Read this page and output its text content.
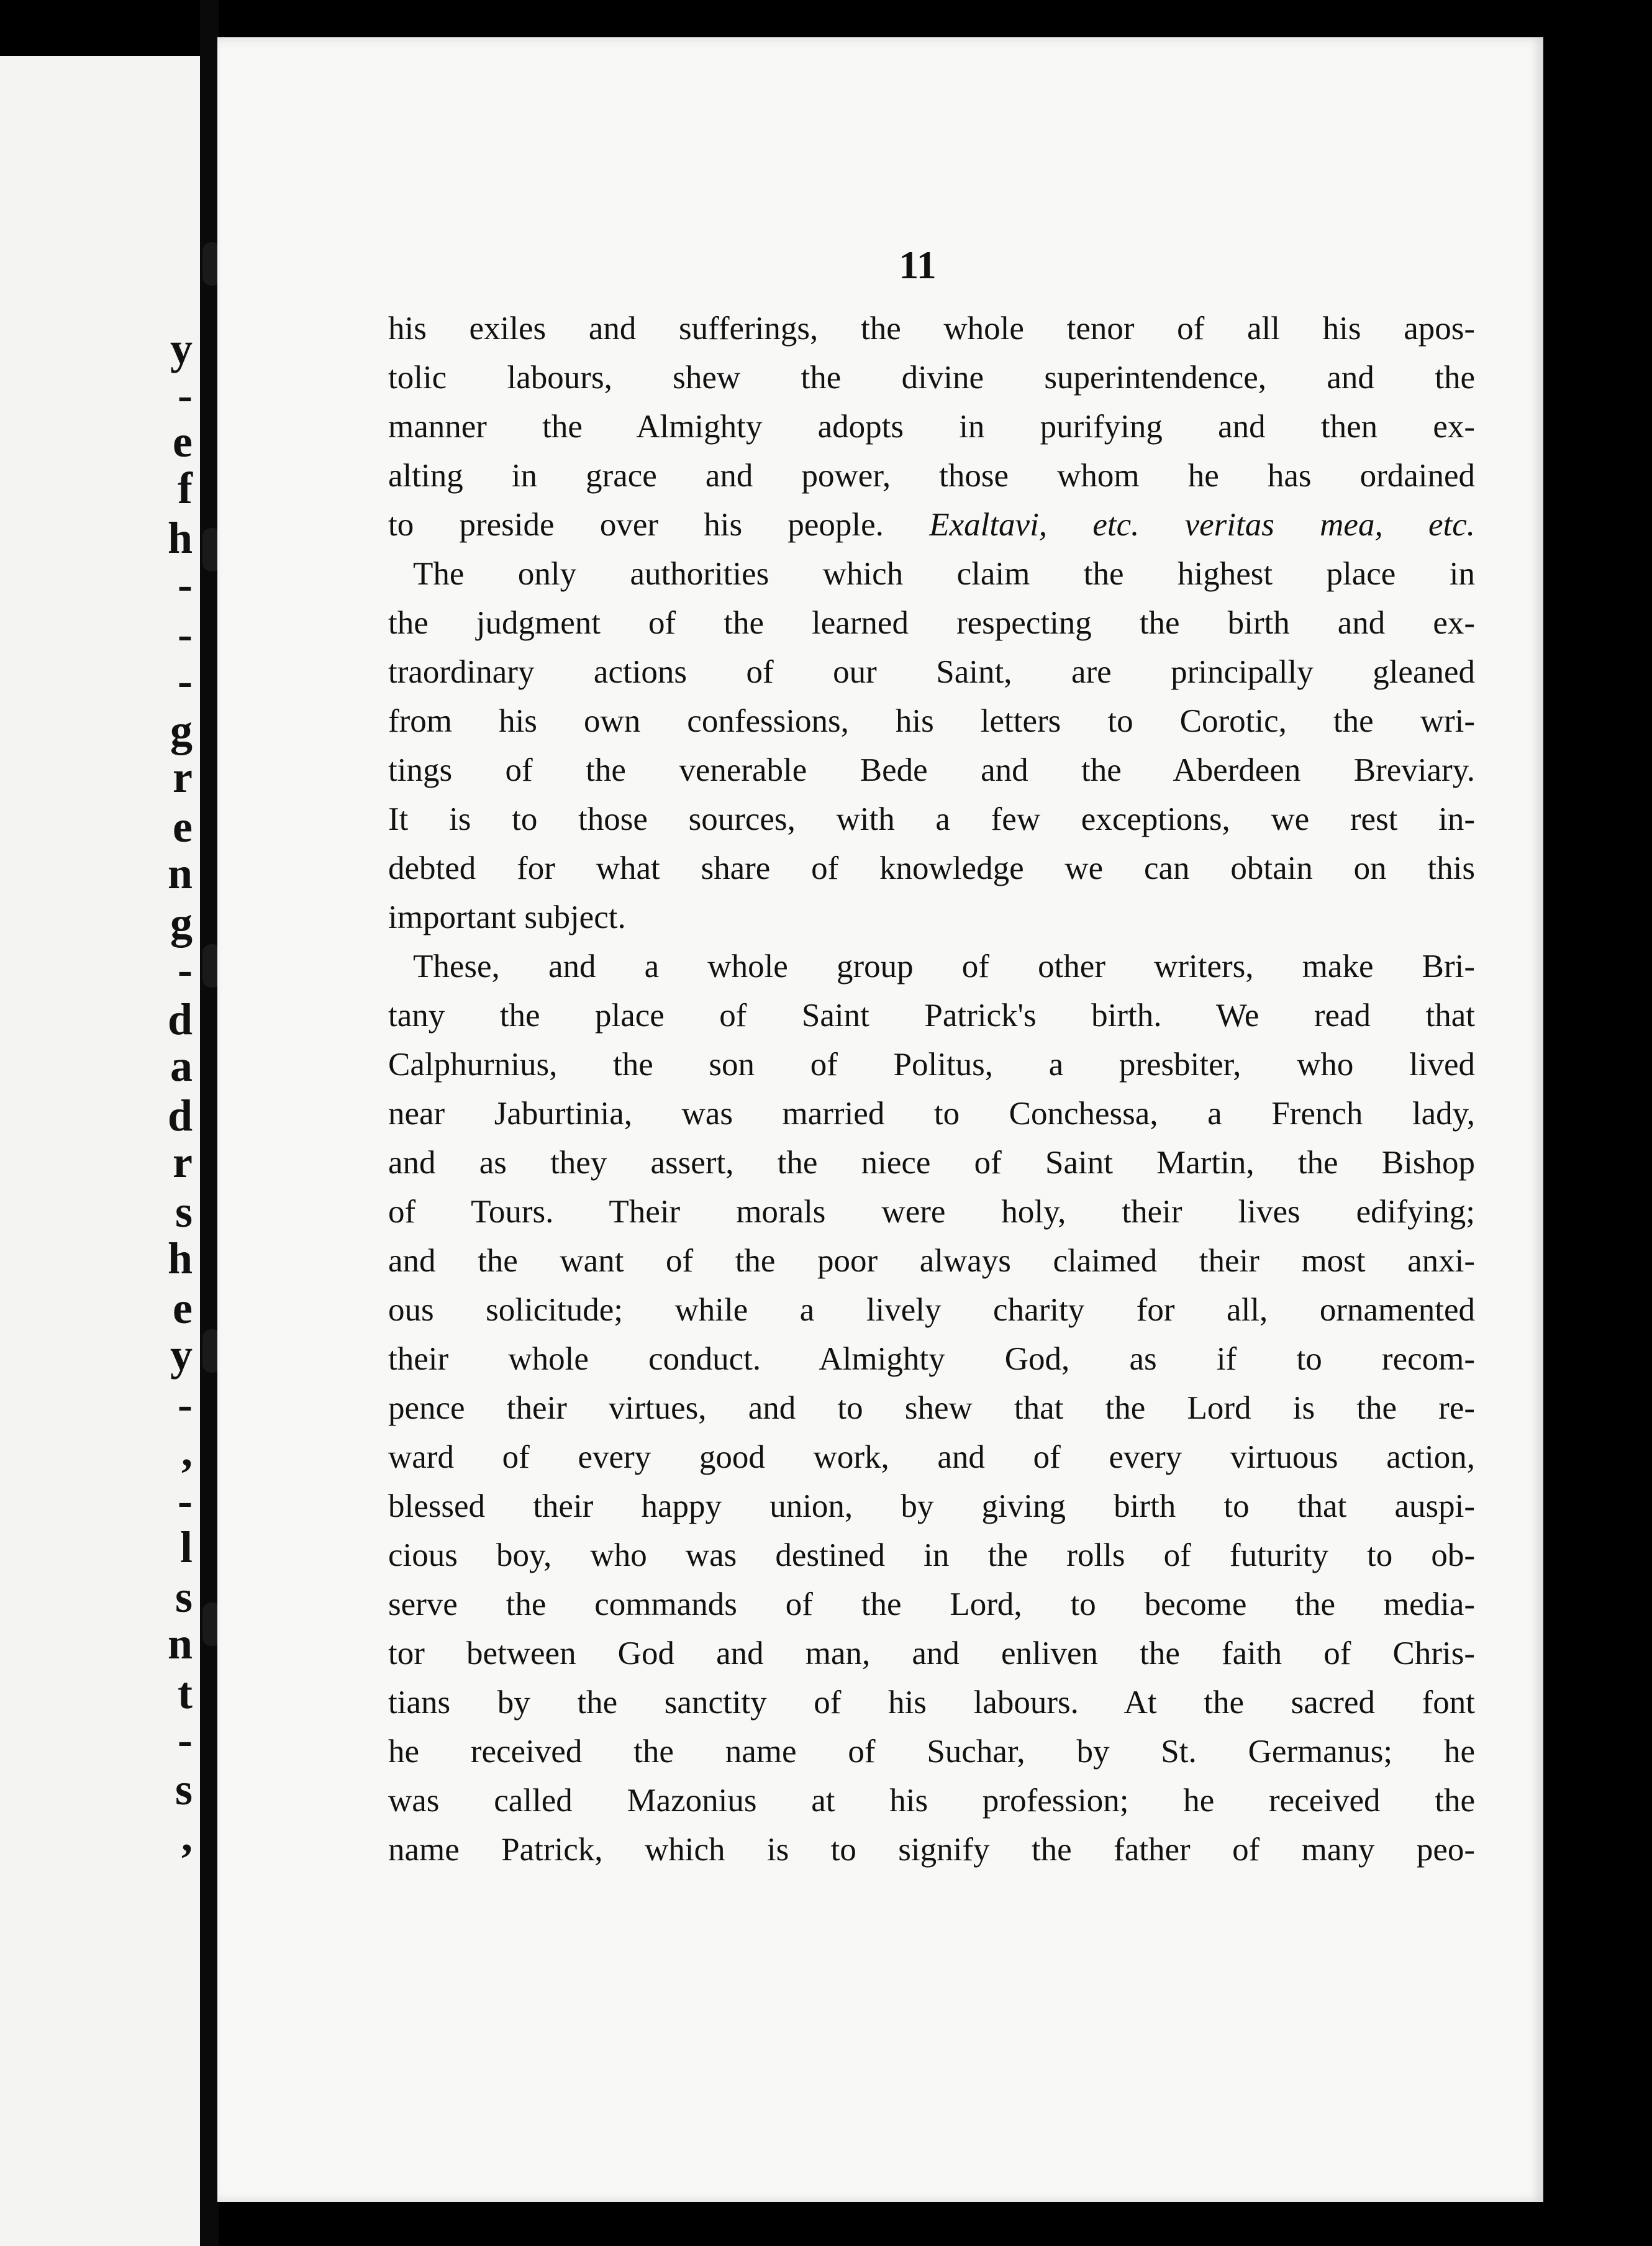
y
-
e
f
h
-
-
-
g
r
e
n
g
-
d
a
d
r
s
h
e
y
-
,
-
l
s
n
t
-
s
,
11
his exiles and sufferings, the whole tenor of all his apos-
tolic labours, shew the divine superintendence, and the
manner the Almighty adopts in purifying and then ex-
alting in grace and power, those whom he has ordained
to preside over his people. Exaltavi, etc. veritas mea, etc.
The only authorities which claim the highest place in
the judgment of the learned respecting the birth and ex-
traordinary actions of our Saint, are principally gleaned
from his own confessions, his letters to Corotic, the wri-
tings of the venerable Bede and the Aberdeen Breviary.
It is to those sources, with a few exceptions, we rest in-
debted for what share of knowledge we can obtain on this
important subject.
These, and a whole group of other writers, make Bri-
tany the place of Saint Patrick's birth. We read that
Calphurnius, the son of Politus, a presbiter, who lived
near Jaburtinia, was married to Conchessa, a French lady,
and as they assert, the niece of Saint Martin, the Bishop
of Tours. Their morals were holy, their lives edifying;
and the want of the poor always claimed their most anxi-
ous solicitude; while a lively charity for all, ornamented
their whole conduct. Almighty God, as if to recom-
pence their virtues, and to shew that the Lord is the re-
ward of every good work, and of every virtuous action,
blessed their happy union, by giving birth to that auspi-
cious boy, who was destined in the rolls of futurity to ob-
serve the commands of the Lord, to become the media-
tor between God and man, and enliven the faith of Chris-
tians by the sanctity of his labours. At the sacred font
he received the name of Suchar, by St. Germanus; he
was called Mazonius at his profession; he received the
name Patrick, which is to signify the father of many peo-
